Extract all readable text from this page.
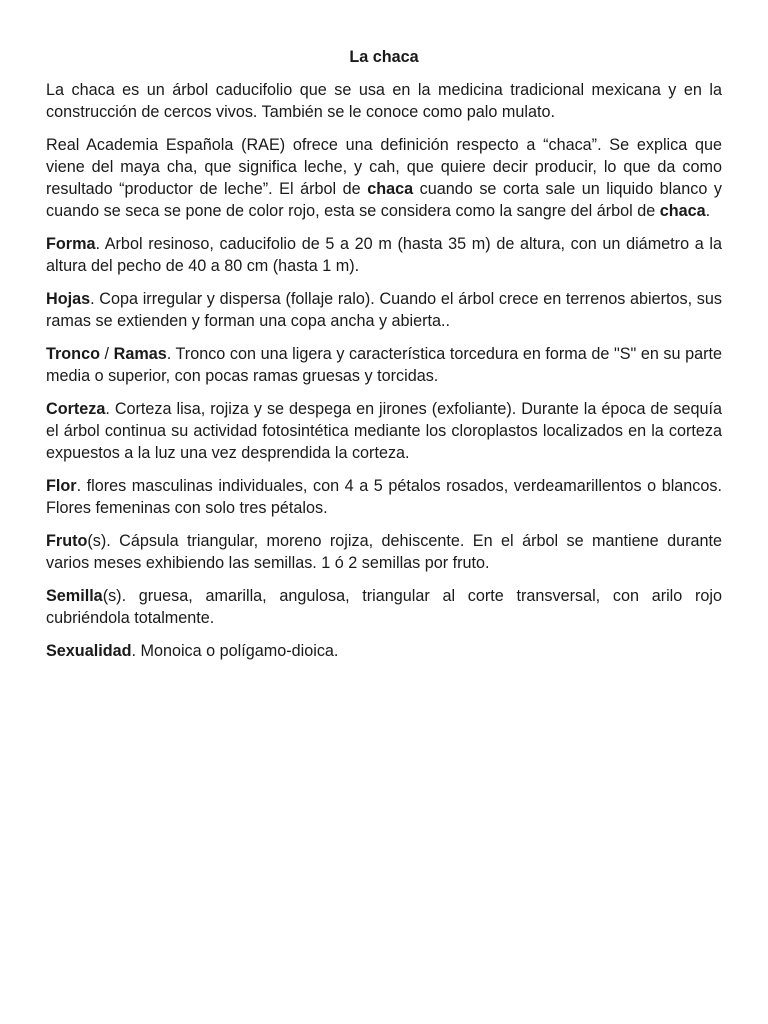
La chaca

La chaca es un árbol caducifolio que se usa en la medicina tradicional mexicana y en la construcción de cercos vivos. También se le conoce como palo mulato.

Real Academia Española (RAE) ofrece una definición respecto a “chaca”. Se explica que viene del maya cha, que significa leche, y cah, que quiere decir producir, lo que da como resultado “productor de leche”. El árbol de chaca cuando se corta sale un liquido blanco y cuando se seca se pone de color rojo, esta se considera como la sangre del árbol de chaca.

Forma. Arbol resinoso, caducifolio de 5 a 20 m (hasta 35 m) de altura, con un diámetro a la altura del pecho de 40 a 80 cm (hasta 1 m).

Hojas. Copa irregular y dispersa (follaje ralo). Cuando el árbol crece en terrenos abiertos, sus ramas se extienden y forman una copa ancha y abierta..

Tronco / Ramas. Tronco con una ligera y característica torcedura en forma de "S" en su parte media o superior, con pocas ramas gruesas y torcidas.

Corteza. Corteza lisa, rojiza y se despega en jirones (exfoliante). Durante la época de sequía el árbol continua su actividad fotosintética mediante los cloroplastos localizados en la corteza expuestos a la luz una vez desprendida la corteza.

Flor. flores masculinas individuales, con 4 a 5 pétalos rosados, verdeamarillentos o blancos. Flores femeninas con solo tres pétalos.

Fruto(s). Cápsula triangular, moreno rojiza, dehiscente. En el árbol se mantiene durante varios meses exhibiendo las semillas. 1 ó 2 semillas por fruto.

Semilla(s). gruesa, amarilla, angulosa, triangular al corte transversal, con arilo rojo cubriéndola totalmente.

Sexualidad. Monoica o polígamo-dioica.
